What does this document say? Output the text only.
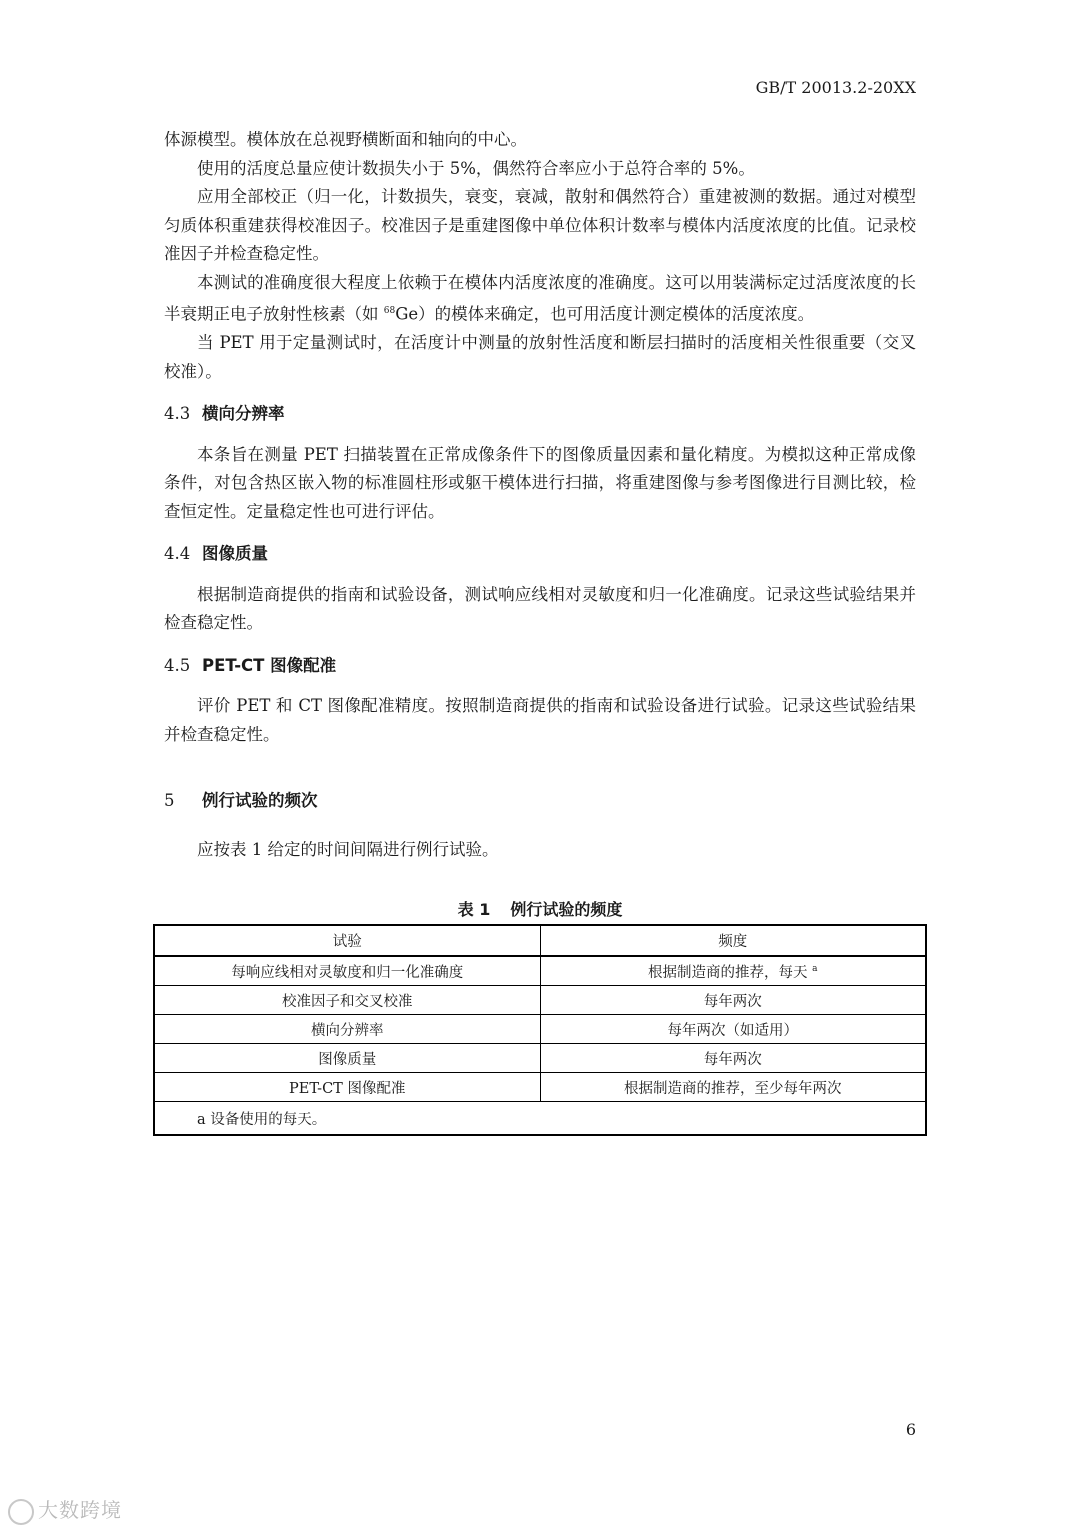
GB/T 20013.2-20XX

体源模型。模体放在总视野横断面和轴向的中心。

使用的活度总量应使计数损失小于 5%，偶然符合率应小于总符合率的 5%。

应用全部校正（归一化，计数损失，衰变，衰减，散射和偶然符合）重建被测的数据。通过对模型匀质体积重建获得校准因子。校准因子是重建图像中单位体积计数率与模体内活度浓度的比值。记录校准因子并检查稳定性。

本测试的准确度很大程度上依赖于在模体内活度浓度的准确度。这可以用装满标定过活度浓度的长半衰期正电子放射性核素（如 $^{68}$Ge）的模体来确定，也可用活度计测定模体的活度浓度。

当 PET 用于定量测试时，在活度计中测量的放射性活度和断层扫描时的活度相关性很重要（交叉校准）。

4.3 横向分辨率

本条旨在测量 PET 扫描装置在正常成像条件下的图像质量因素和量化精度。为模拟这种正常成像条件，对包含热区嵌入物的标准圆柱形或躯干模体进行扫描，将重建图像与参考图像进行目测比较，检查恒定性。定量稳定性也可进行评估。

4.4 图像质量

根据制造商提供的指南和试验设备，测试响应线相对灵敏度和归一化准确度。记录这些试验结果并检查稳定性。

4.5 PET-CT 图像配准

评价 PET 和 CT 图像配准精度。按照制造商提供的指南和试验设备进行试验。记录这些试验结果并检查稳定性。

5 例行试验的频次

应按表 1 给定的时间间隔进行例行试验。

表 1 例行试验的频度
试验	频度
每响应线相对灵敏度和归一化准确度	根据制造商的推荐，每天 $^a$
校准因子和交叉校准	每年两次
横向分辨率	每年两次（如适用）
图像质量	每年两次
PET-CT 图像配准	根据制造商的推荐，至少每年两次
a 设备使用的每天。	
6
大数跨境
